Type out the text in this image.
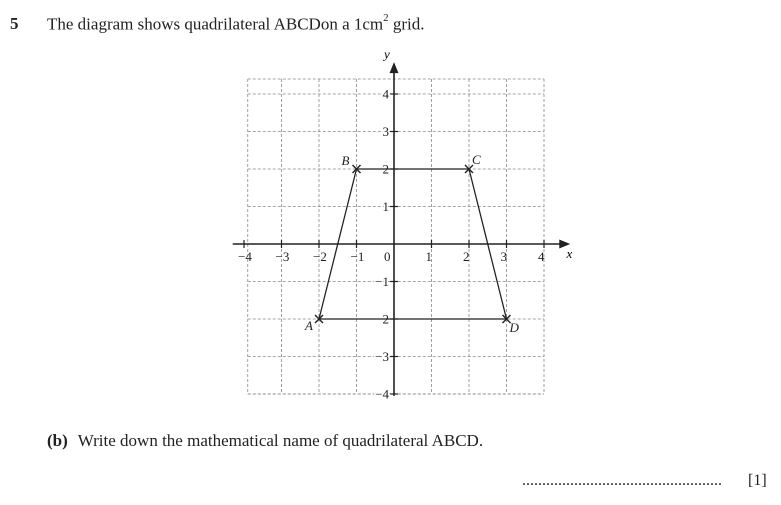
5 The diagram shows quadrilateral ABCDon a $1cm^2$ grid.
x
y
−4 −3 −2 −1 0	1 2 3 4
4
3
2
1
−1
−2
−3
−4
A
B	C
D
(b) Write down the mathematical name of quadrilateral ABCD.
.................................................. [1]
